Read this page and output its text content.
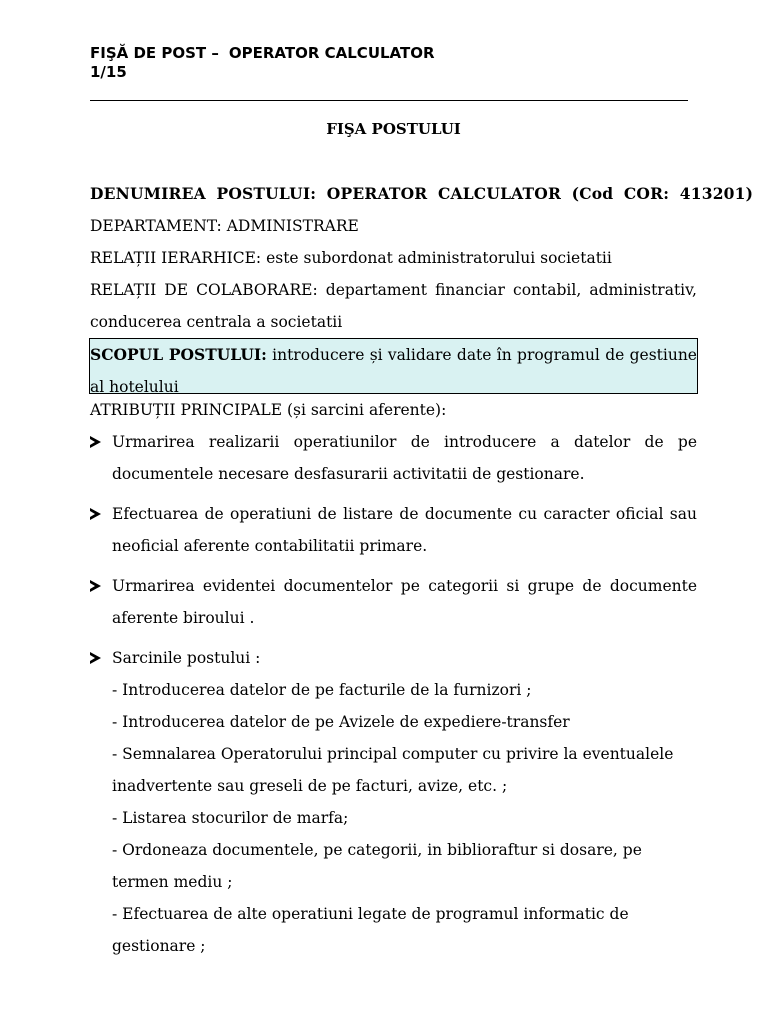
FIŞĂ DE POST – OPERATOR CALCULATOR
1/15
FIŞA POSTULUI
DENUMIREA POSTULUI: OPERATOR CALCULATOR (Cod COR: 413201)
DEPARTAMENT: ADMINISTRARE
RELAȚII IERARHICE: este subordonat administratorului societatii
RELAȚII DE COLABORARE: departament financiar contabil, administrativ, conducerea centrala a societatii
SCOPUL POSTULUI: introducere și validare date în programul de gestiune al hotelului
ATRIBUȚII PRINCIPALE (și sarcini aferente):
Urmarirea realizarii operatiunilor de introducere a datelor de pe documentele necesare desfasurarii activitatii de gestionare.
Efectuarea de operatiuni de listare de documente cu caracter oficial sau neoficial aferente contabilitatii primare.
Urmarirea evidentei documentelor pe categorii si grupe de documente aferente biroului .
Sarcinile postului :
- Introducerea datelor de pe facturile de la furnizori ;
- Introducerea datelor de pe Avizele de expediere-transfer
- Semnalarea Operatorului principal computer cu privire la eventualele inadvertente sau greseli de pe facturi, avize, etc. ;
- Listarea stocurilor de marfa;
- Ordoneaza documentele, pe categorii, in biblioraftur si dosare, pe termen mediu ;
- Efectuarea de alte operatiuni legate de programul informatic de gestionare ;
